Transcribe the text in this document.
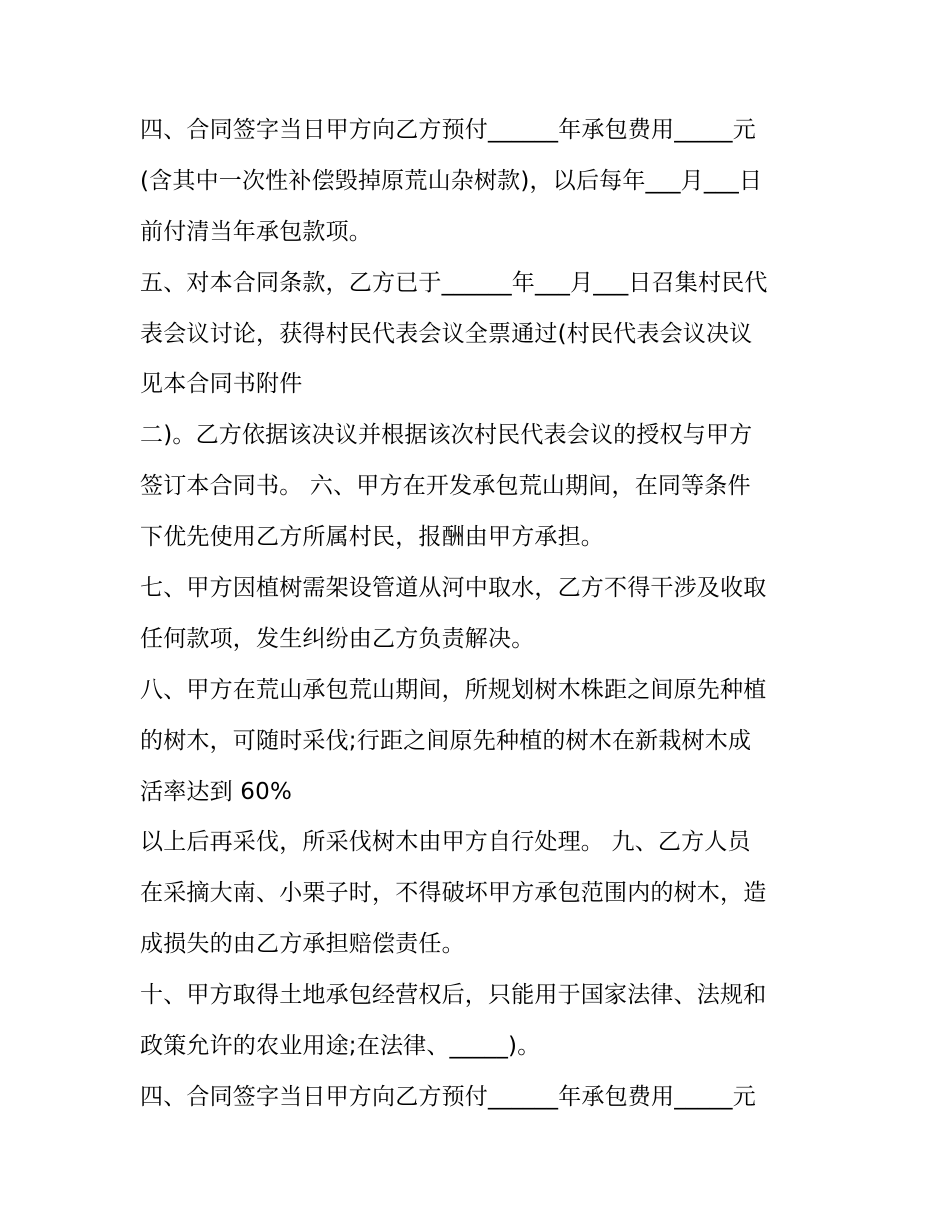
四、合同签字当日甲方向乙方预付______年承包费用_____元
(含其中一次性补偿毁掉原荒山杂树款)，以后每年___月___日
前付清当年承包款项。
五、对本合同条款，乙方已于______年___月___日召集村民代
表会议讨论，获得村民代表会议全票通过(村民代表会议决议
见本合同书附件
二)。乙方依据该决议并根据该次村民代表会议的授权与甲方
签订本合同书。 六、甲方在开发承包荒山期间，在同等条件
下优先使用乙方所属村民，报酬由甲方承担。
七、甲方因植树需架设管道从河中取水，乙方不得干涉及收取
任何款项，发生纠纷由乙方负责解决。
八、甲方在荒山承包荒山期间，所规划树木株距之间原先种植
的树木，可随时采伐;行距之间原先种植的树木在新栽树木成
活率达到 60%
以上后再采伐，所采伐树木由甲方自行处理。 九、乙方人员
在采摘大南、小栗子时，不得破坏甲方承包范围内的树木，造
成损失的由乙方承担赔偿责任。
十、甲方取得土地承包经营权后，只能用于国家法律、法规和
政策允许的农业用途;在法律、_____)。
四、合同签字当日甲方向乙方预付______年承包费用_____元
